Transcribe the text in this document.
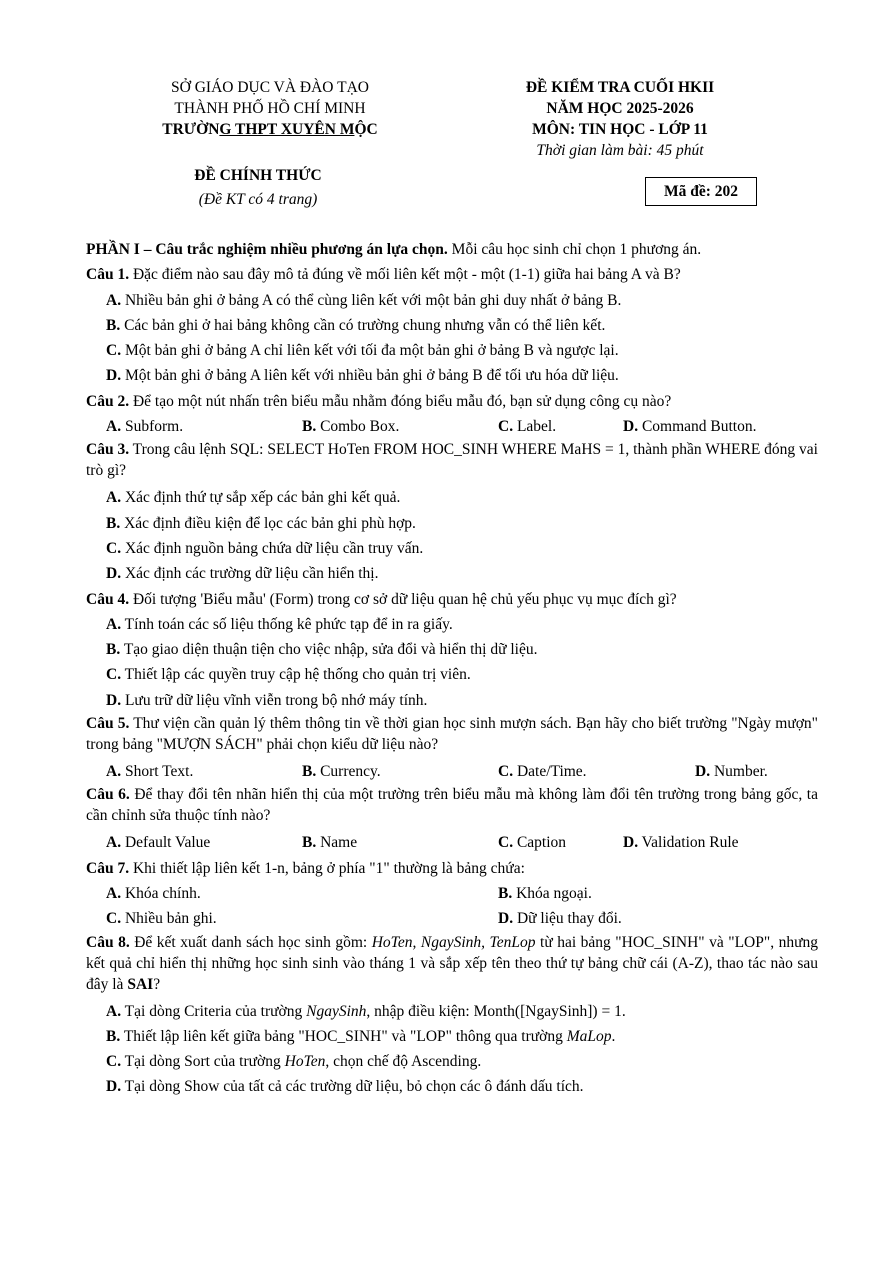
SỞ GIÁO DỤC VÀ ĐÀO TẠO
THÀNH PHỐ HỒ CHÍ MINH
TRƯỜNG THPT XUYÊN MỘC
ĐỀ KIỂM TRA CUỐI HKII
NĂM HỌC 2025-2026
MÔN: TIN HỌC - LỚP 11
Thời gian làm bài: 45 phút
ĐỀ CHÍNH THỨC
(Đề KT có 4 trang)	Mã đề: 202
PHẦN I – Câu trắc nghiệm nhiều phương án lựa chọn. Mỗi câu học sinh chỉ chọn 1 phương án.
Câu 1. Đặc điểm nào sau đây mô tả đúng về mối liên kết một - một (1-1) giữa hai bảng A và B?
A. Nhiều bản ghi ở bảng A có thể cùng liên kết với một bản ghi duy nhất ở bảng B.
B. Các bản ghi ở hai bảng không cần có trường chung nhưng vẫn có thể liên kết.
C. Một bản ghi ở bảng A chỉ liên kết với tối đa một bản ghi ở bảng B và ngược lại.
D. Một bản ghi ở bảng A liên kết với nhiều bản ghi ở bảng B để tối ưu hóa dữ liệu.
Câu 2. Để tạo một nút nhấn trên biểu mẫu nhằm đóng biểu mẫu đó, bạn sử dụng công cụ nào?
A. Subform.	B. Combo Box.	C. Label.	D. Command Button.
Câu 3. Trong câu lệnh SQL: SELECT HoTen FROM HOC_SINH WHERE MaHS = 1, thành phần WHERE đóng vai trò gì?
A. Xác định thứ tự sắp xếp các bản ghi kết quả.
B. Xác định điều kiện để lọc các bản ghi phù hợp.
C. Xác định nguồn bảng chứa dữ liệu cần truy vấn.
D. Xác định các trường dữ liệu cần hiển thị.
Câu 4. Đối tượng 'Biểu mẫu' (Form) trong cơ sở dữ liệu quan hệ chủ yếu phục vụ mục đích gì?
A. Tính toán các số liệu thống kê phức tạp để in ra giấy.
B. Tạo giao diện thuận tiện cho việc nhập, sửa đổi và hiển thị dữ liệu.
C. Thiết lập các quyền truy cập hệ thống cho quản trị viên.
D. Lưu trữ dữ liệu vĩnh viễn trong bộ nhớ máy tính.
Câu 5. Thư viện cần quản lý thêm thông tin về thời gian học sinh mượn sách. Bạn hãy cho biết trường "Ngày mượn" trong bảng "MƯỢN SÁCH" phải chọn kiểu dữ liệu nào?
A. Short Text.	B. Currency.	C. Date/Time.	D. Number.
Câu 6. Để thay đổi tên nhãn hiển thị của một trường trên biểu mẫu mà không làm đổi tên trường trong bảng gốc, ta cần chỉnh sửa thuộc tính nào?
A. Default Value	B. Name	C. Caption	D. Validation Rule
Câu 7. Khi thiết lập liên kết 1-n, bảng ở phía "1" thường là bảng chứa:
A. Khóa chính.	B. Khóa ngoại.
C. Nhiều bản ghi.	D. Dữ liệu thay đổi.
Câu 8. Để kết xuất danh sách học sinh gồm: HoTen, NgaySinh, TenLop từ hai bảng "HOC_SINH" và "LOP", nhưng kết quả chỉ hiển thị những học sinh sinh vào tháng 1 và sắp xếp tên theo thứ tự bảng chữ cái (A-Z), thao tác nào sau đây là SAI?
A. Tại dòng Criteria của trường NgaySinh, nhập điều kiện: Month([NgaySinh]) = 1.
B. Thiết lập liên kết giữa bảng "HOC_SINH" và "LOP" thông qua trường MaLop.
C. Tại dòng Sort của trường HoTen, chọn chế độ Ascending.
D. Tại dòng Show của tất cả các trường dữ liệu, bỏ chọn các ô đánh dấu tích.
